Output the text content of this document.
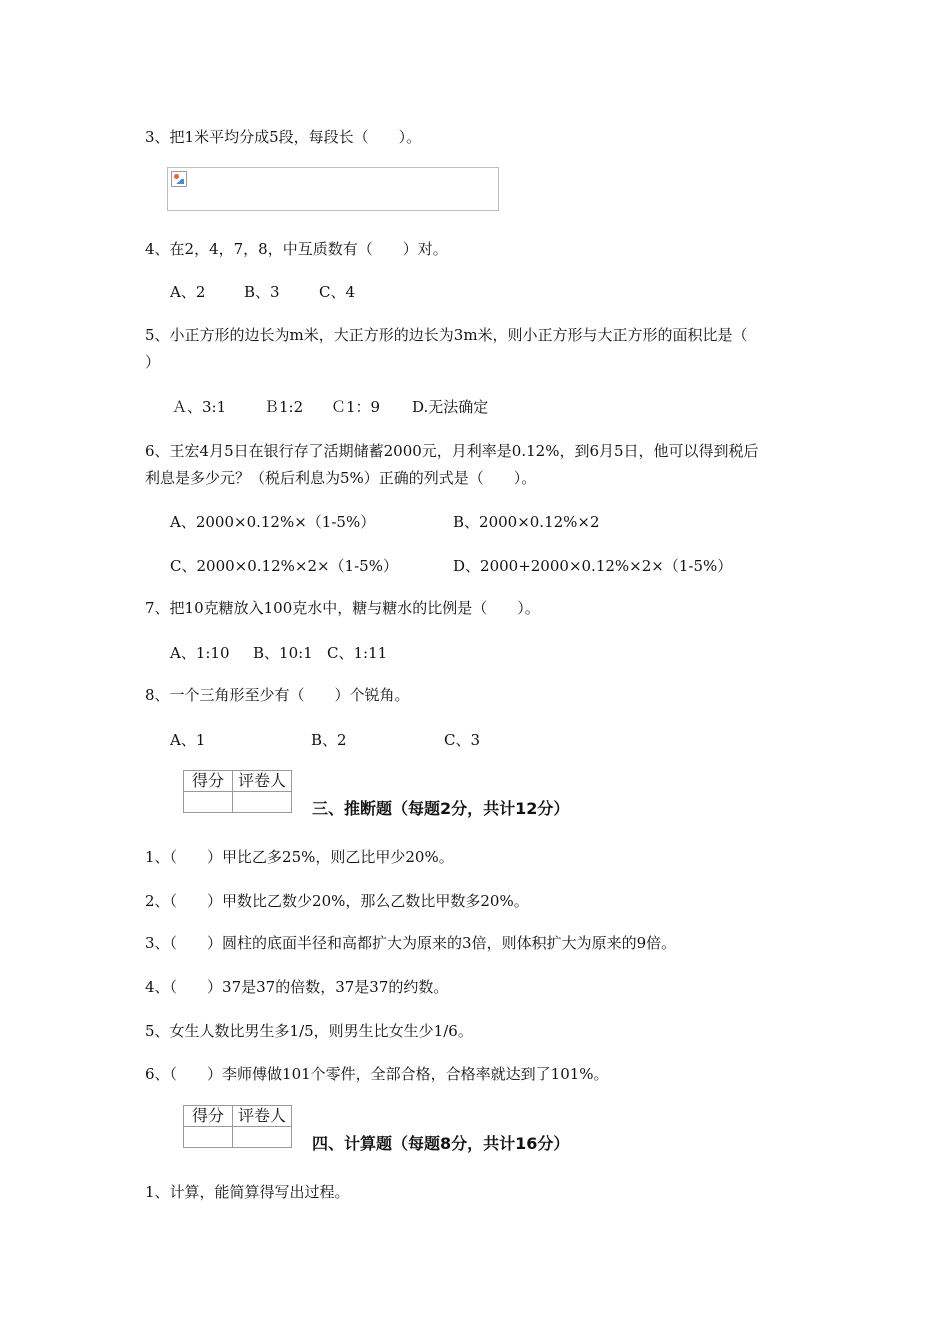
3、把1米平均分成5段，每段长（　　）。
4、在2，4，7，8，中互质数有（　　）对。
A、2	B、3	C、4
5、小正方形的边长为m米，大正方形的边长为3m米，则小正方形与大正方形的面积比是（
）
Ａ、3:1	Ｂ1:2 Ｃ1：9 D.无法确定
6、王宏4月5日在银行存了活期储蓄2000元，月利率是0.12%，到6月5日，他可以得到税后
利息是多少元？（税后利息为5%）正确的列式是（　　）。
A、2000×0.12%×（1-5%）	B、2000×0.12%×2
C、2000×0.12%×2×（1-5%）	D、2000+2000×0.12%×2×（1-5%）
7、把10克糖放入100克水中，糖与糖水的比例是（　　）。
A、1:10 B、10:1 C、1:11
8、一个三角形至少有（　　）个锐角。
A、1	B、2	C、3
得分	评卷人

三、推断题（每题2分，共计12分）
1、（　　）甲比乙多25%，则乙比甲少20%。
2、（　　）甲数比乙数少20%，那么乙数比甲数多20%。
3、（　　）圆柱的底面半径和高都扩大为原来的3倍，则体积扩大为原来的9倍。
4、（　　）37是37的倍数，37是37的约数。
5、女生人数比男生多1/5，则男生比女生少1/6。
6、（　　）李师傅做101个零件，全部合格，合格率就达到了101%。
得分	评卷人

四、计算题（每题8分，共计16分）
1、计算，能简算得写出过程。
